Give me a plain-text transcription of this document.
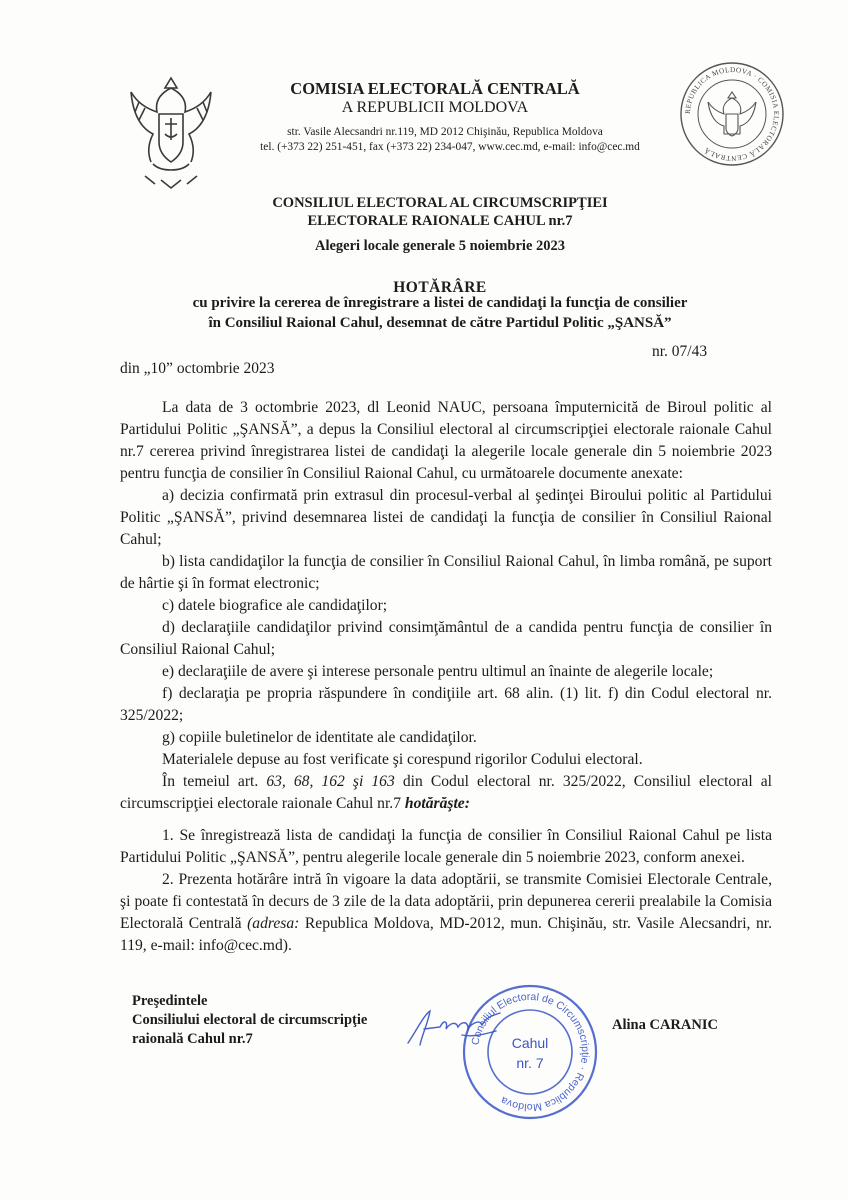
REPUBLICA MOLDOVA · COMISIA ELECTORALĂ CENTRALĂ
COMISIA ELECTORALĂ CENTRALĂ
A REPUBLICII MOLDOVA
str. Vasile Alecsandri nr.119, MD 2012 Chişinău, Republica Moldova
tel. (+373 22) 251-451, fax (+373 22) 234-047, www.cec.md, e-mail: info@cec.md
CONSILIUL ELECTORAL AL CIRCUMSCRIPŢIEI
ELECTORALE RAIONALE CAHUL nr.7
Alegeri locale generale 5 noiembrie 2023
HOTĂRÂRE
cu privire la cererea de înregistrare a listei de candidaţi la funcţia de consilier
în Consiliul Raional Cahul, desemnat de către Partidul Politic „ŞANSĂ”
din „10” octombrie 2023
nr. 07/43

La data de 3 octombrie 2023, dl Leonid NAUC, persoana împuternicită de Biroul politic al Partidului Politic „ŞANSĂ”, a depus la Consiliul electoral al circumscripţiei electorale raionale Cahul nr.7 cererea privind înregistrarea listei de candidaţi la alegerile locale generale din 5 noiembrie 2023 pentru funcţia de consilier în Consiliul Raional Cahul, cu următoarele documente anexate:

a) decizia confirmată prin extrasul din procesul-verbal al şedinţei Biroului politic al Partidului Politic „ŞANSĂ”, privind desemnarea listei de candidaţi la funcţia de consilier în Consiliul Raional Cahul;

b) lista candidaţilor la funcţia de consilier în Consiliul Raional Cahul, în limba română, pe suport de hârtie şi în format electronic;

c) datele biografice ale candidaţilor;

d) declaraţiile candidaţilor privind consimţământul de a candida pentru funcţia de consilier în Consiliul Raional Cahul;

e) declaraţiile de avere şi interese personale pentru ultimul an înainte de alegerile locale;

f) declaraţia pe propria răspundere în condiţiile art. 68 alin. (1) lit. f) din Codul electoral nr. 325/2022;

g) copiile buletinelor de identitate ale candidaţilor.

Materialele depuse au fost verificate şi corespund rigorilor Codului electoral.

În temeiul art. 63, 68, 162 şi 163 din Codul electoral nr. 325/2022, Consiliul electoral al circumscripţiei electorale raionale Cahul nr.7 hotărăşte:

1. Se înregistrează lista de candidaţi la funcţia de consilier în Consiliul Raional Cahul pe lista Partidului Politic „ŞANSĂ”, pentru alegerile locale generale din 5 noiembrie 2023, conform anexei.

2. Prezenta hotărâre intră în vigoare la data adoptării, se transmite Comisiei Electorale Centrale, şi poate fi contestată în decurs de 3 zile de la data adoptării, prin depunerea cererii prealabile la Comisia Electorală Centrală (adresa: Republica Moldova, MD-2012, mun. Chişinău, str. Vasile Alecsandri, nr. 119, e-mail: info@cec.md).

Preşedintele
Consiliului electoral de circumscripţie
raională Cahul nr.7	Consiliul Electoral de Circumscripţie · Republica Moldova
Cahul
nr. 7
Alina CARANIC
